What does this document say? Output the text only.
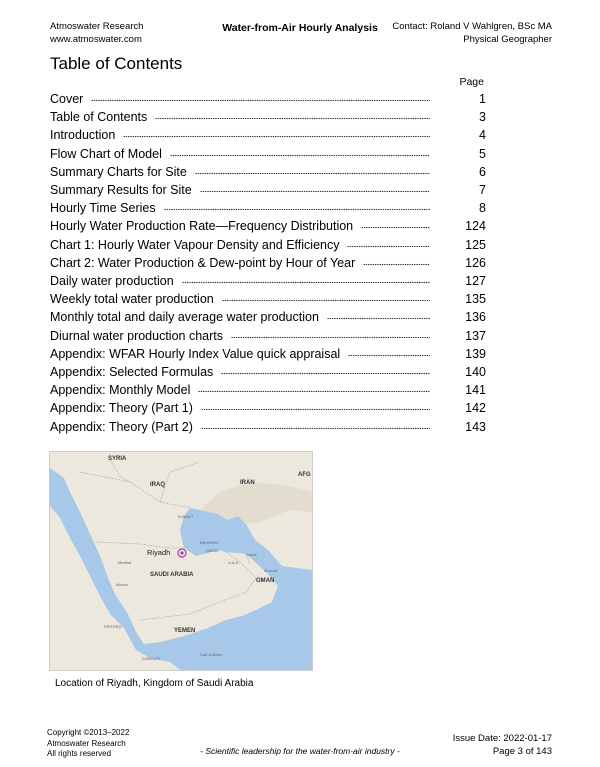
Atmoswater Research
www.atmoswater.com
Water-from-Air Hourly Analysis	Contact: Roland V Wahlgren, BSc MA
Physical Geographer
Table of Contents
Page
Cover	1
Table of Contents	3
Introduction	4
Flow Chart of Model	5
Summary Charts for Site	6
Summary Results for Site	7
Hourly Time Series	8
Hourly Water Production Rate—Frequency Distribution	124
Chart 1: Hourly Water Vapour Density and Efficiency	125
Chart 2: Water Production & Dew-point by Hour of Year	126
Daily water production	127
Weekly total water production	135
Monthly total and daily average water production	136
Diurnal water production charts	137
Appendix: WFAR Hourly Index Value quick appraisal	139
Appendix: Selected Formulas	140
Appendix: Monthly Model	141
Appendix: Theory (Part 1)	142
Appendix: Theory (Part 2)	143
SYRIA
IRAQ	IRAN
AFG
KUWAIT
BAHRAIN
QATAR
U.A.E.
Dubai
Muscat
Riyadh
SAUDI ARABIA
OMAN
YEMEN
ERITREA
DJIBOUTI
Medina
Mecca
Gulf of Aden
Location of Riyadh, Kingdom of Saudi Arabia
Copyright ©2013–2022
Atmoswater Research
All rights reserved	- Scientific leadership for the water-from-air industry -
Issue Date: 2022-01-17
Page 3 of 143
